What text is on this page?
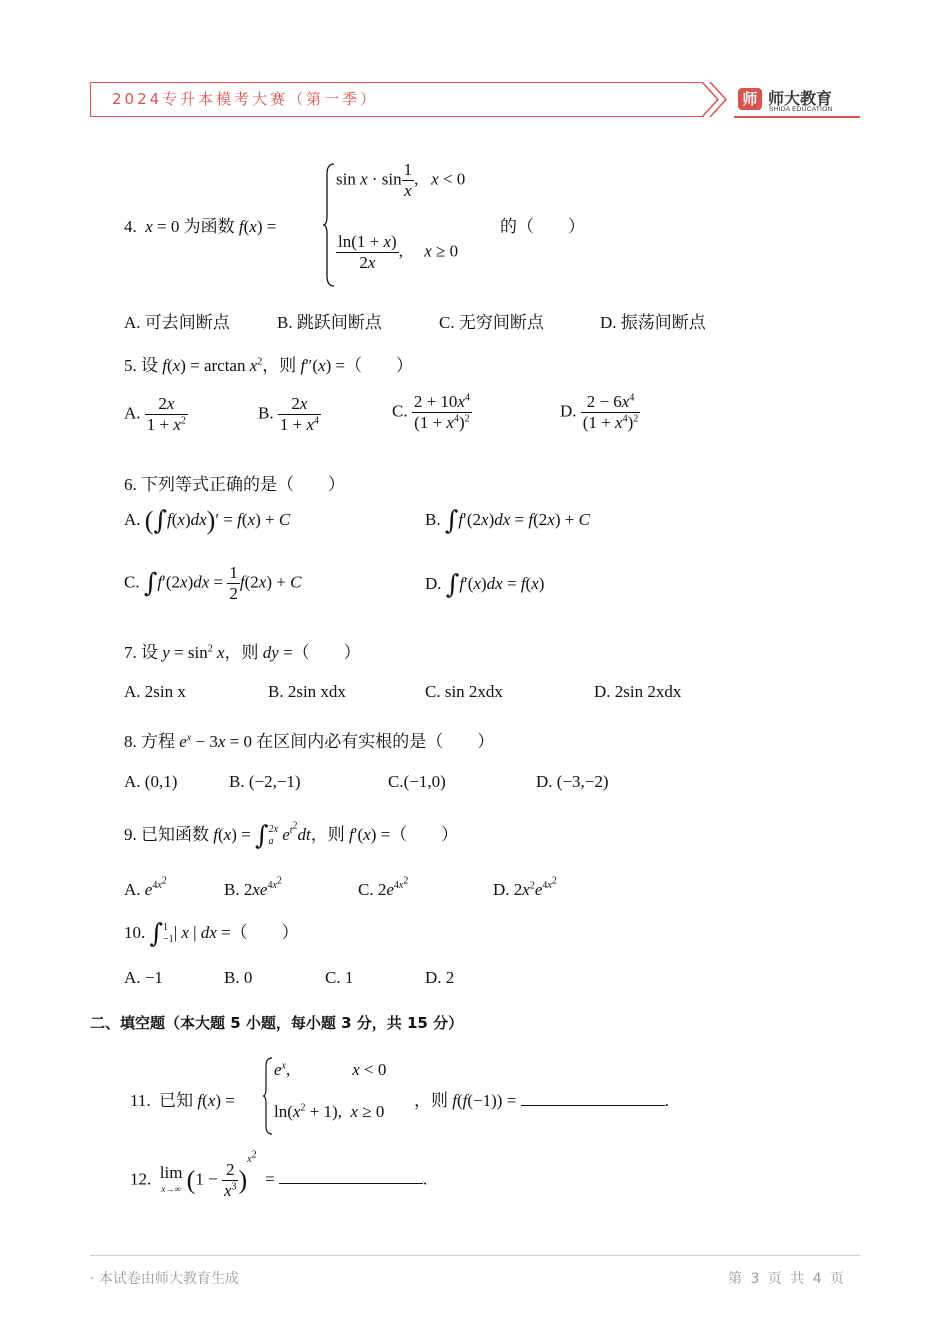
2024专升本模考大赛（第一季）	师 师大教育
SHIDA EDUCATION
4. x = 0 为函数 f(x) =
$\sin x \cdot \sin \frac{1}{x}$ ,   x < 0
$\frac{\ln(1 + x)}{2x}$ ,     x ≥ 0
的（　　）
A. 可去间断点	B. 跳跃间断点	C. 无穷间断点	D. 振荡间断点
5. 设 $f(x) = \arctan x^2$，则 f″(x) =（　　）
A. $\frac{2x}{1 + x^2}$	B. $\frac{2x}{1 + x^4}$	C. $\frac{2 + 10x^4}{(1 + x^4)^2}$	D. $\frac{2 - 6x^4}{(1 + x^4)^2}$
6. 下列等式正确的是（　　）
A. (∫f(x)dx)′ = f(x) + C	B. ∫f′(2x)dx = f(2x) + C
C. $\int f'(2x)dx = \frac{1}{2} f(2x) + C$	D. ∫f′(x)dx = f(x)
7. 设 $y = \sin^2 x$，则 dy =（　　）
A. 2sin x	B. 2sin xdx	C. sin 2xdx	D. 2sin 2xdx
8. 方程 $e^x - 3x = 0$ 在区间内必有实根的是（　　）
A. (0,1)	B. (−2,−1)	C.(−1,0)	D. (−3,−2)
9. 已知函数 f(x) = ∫2x
a $e^{t^2}dt$，则 f′(x) =（　　）
A. $e^{4x^2}$	B. $2xe^{4x^2}$	C. $2e^{4x^2}$	D. $2x^2e^{4x^2}$
10. ∫1
−1| x | dx =（　　）
A. −1	B. 0	C. 1	D. 2
二、填空题（本大题 5 小题，每小题 3 分，共 15 分）
11.  已知 f(x) =
$e^x$,	x < 0
$\ln(x^2 + 1)$,  x ≥ 0
，则 f(f(−1)) =	.
12. lim
x→∞ $(1 - \frac{2}{x^3} )^{x^2}$  =	.
· 本试卷由师大教育生成	第 3 页 共 4 页
